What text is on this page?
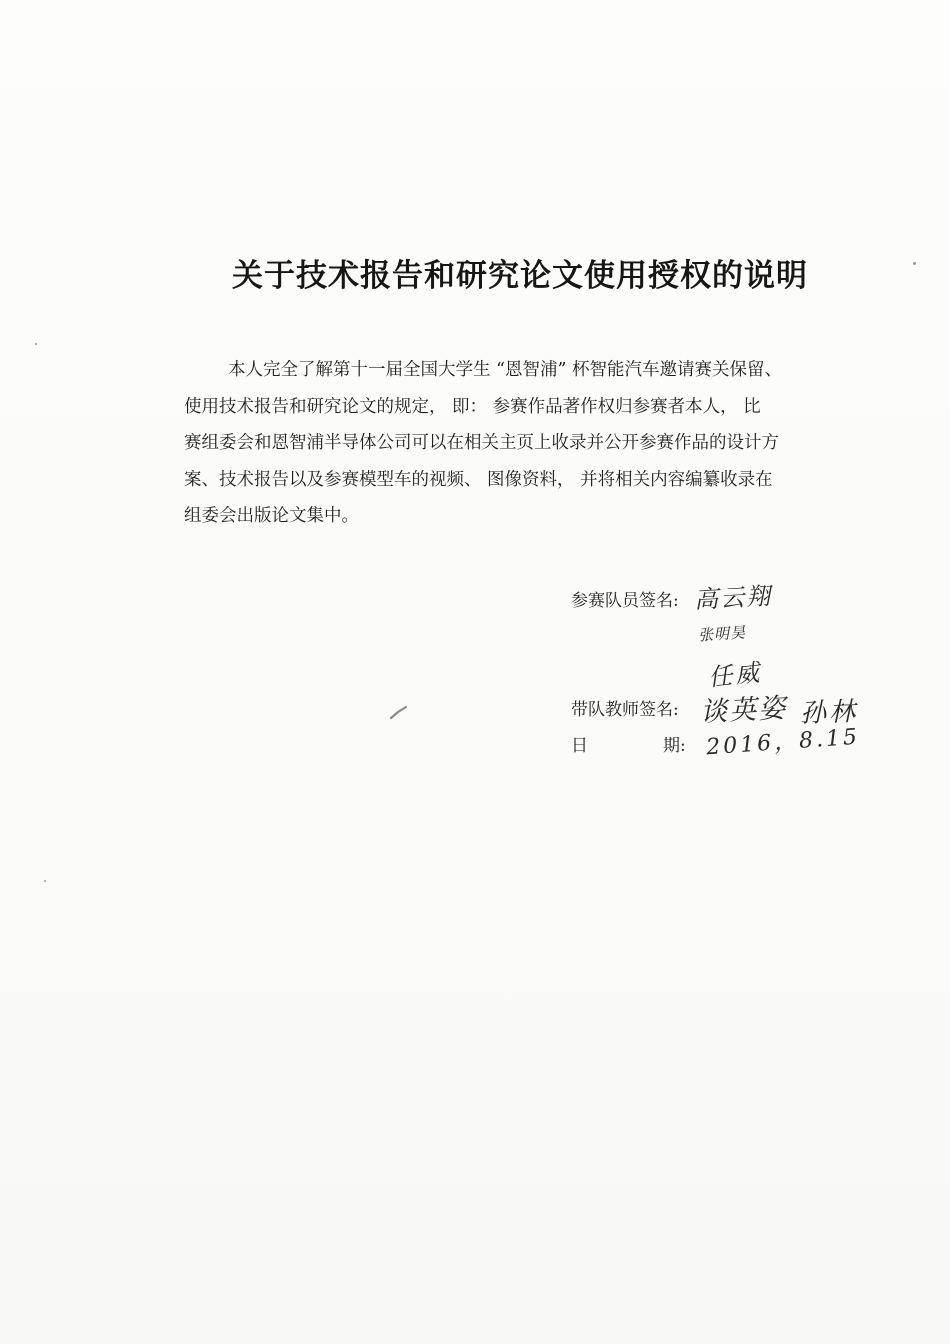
关于技术报告和研究论文使用授权的说明
本人完全了解第十一届全国大学生 “恩智浦” 杯智能汽车邀请赛关保留、
使用技术报告和研究论文的规定， 即： 参赛作品著作权归参赛者本人， 比
赛组委会和恩智浦半导体公司可以在相关主页上收录并公开参赛作品的设计方
案、技术报告以及参赛模型车的视频、 图像资料， 并将相关内容编纂收录在
组委会出版论文集中。
参赛队员签名: 高云翔
张明昊
任威
带队教师签名: 谈英姿 孙林
日	期: 2016，8.15
